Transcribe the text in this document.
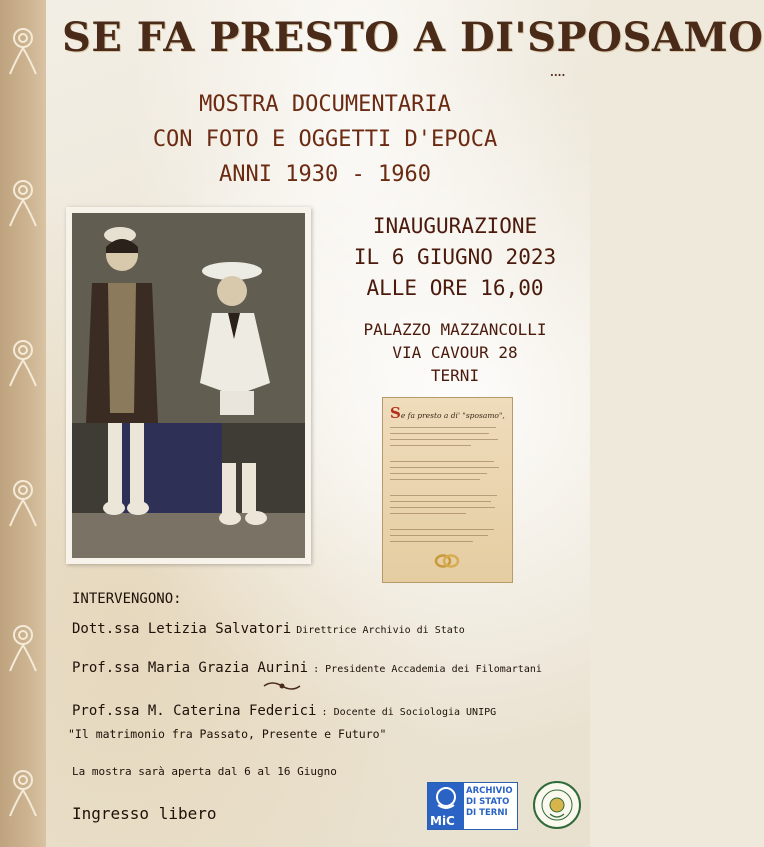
SE FA PRESTO A DI'SPOSAMO
....
MOSTRA DOCUMENTARIA
CON FOTO E OGGETTI D'EPOCA
ANNI 1930 - 1960
INAUGURAZIONE
IL 6 GIUGNO 2023
ALLE ORE 16,00
PALAZZO MAZZANCOLLI
VIA CAVOUR 28
TERNI
Se fa presto a di' "sposamo",
INTERVENGONO:
Dott.ssa Letizia Salvatori Direttrice Archivio di Stato
Prof.ssa Maria Grazia Aurini : Presidente Accademia dei Filomartani
Prof.ssa M. Caterina Federici : Docente di Sociologia UNIPG
"Il matrimonio fra Passato, Presente e Futuro"
La mostra sarà aperta dal 6 al 16 Giugno
Ingresso libero	MiC
ARCHIVIO
DI STATO
DI TERNI
